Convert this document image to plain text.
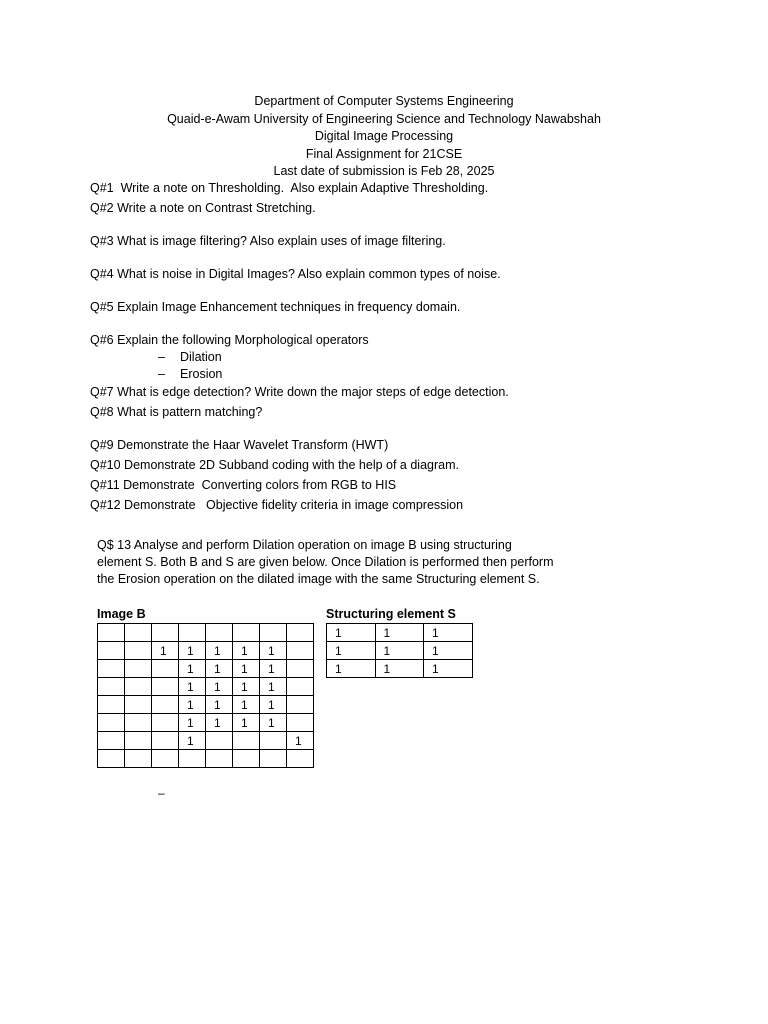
Department of Computer Systems Engineering
Quaid-e-Awam University of Engineering Science and Technology Nawabshah
Digital Image Processing
Final Assignment for 21CSE
Last date of submission is Feb 28, 2025
Q#1  Write a note on Thresholding.  Also explain Adaptive Thresholding.
Q#2 Write a note on Contrast Stretching.
Q#3 What is image filtering? Also explain uses of image filtering.
Q#4 What is noise in Digital Images? Also explain common types of noise.
Q#5 Explain Image Enhancement techniques in frequency domain.
Q#6 Explain the following Morphological operators
– Dilation
– Erosion
Q#7 What is edge detection? Write down the major steps of edge detection.
Q#8 What is pattern matching?
Q#9 Demonstrate the Haar Wavelet Transform (HWT)
Q#10 Demonstrate 2D Subband coding with the help of a diagram.
Q#11 Demonstrate  Converting colors from RGB to HIS
Q#12 Demonstrate   Objective fidelity criteria in image compression
Q$ 13 Analyse and perform Dilation operation on image B using structuring element S. Both B and S are given below. Once Dilation is performed then perform the Erosion operation on the dilated image with the same Structuring element S.
Image B	Structuring element S

		1	1	1	1	1	
			1	1	1	1	
			1	1	1	1	
			1	1	1	1	
			1	1	1	1	
			1				1

1	1	1
1	1	1
1	1	1
–
